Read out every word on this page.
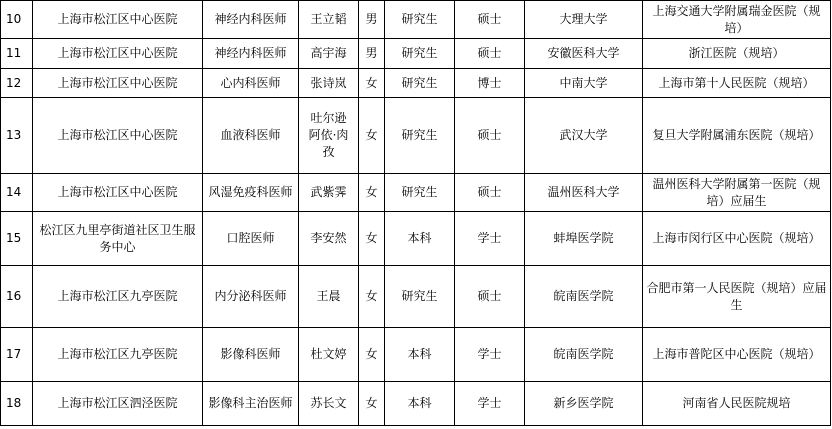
10	上海市松江区中心医院	神经内科医师	王立韬	男	研究生	硕士	大理大学	上海交通大学附属瑞金医院（规培）
11	上海市松江区中心医院	神经内科医师	高宇海	男	研究生	硕士	安徽医科大学	浙江医院（规培）
12	上海市松江区中心医院	心内科医师	张诗岚	女	研究生	博士	中南大学	上海市第十人民医院（规培）
13	上海市松江区中心医院	血液科医师	吐尔逊阿依·肉孜	女	研究生	硕士	武汉大学	复旦大学附属浦东医院（规培）
14	上海市松江区中心医院	风湿免疫科医师	武紫霁	女	研究生	硕士	温州医科大学	温州医科大学附属第一医院（规培）应届生
15	松江区九里亭街道社区卫生服务中心	口腔医师	李安然	女	本科	学士	蚌埠医学院	上海市闵行区中心医院（规培）
16	上海市松江区九亭医院	内分泌科医师	王晨	女	研究生	硕士	皖南医学院	合肥市第一人民医院（规培）应届生
17	上海市松江区九亭医院	影像科医师	杜文婷	女	本科	学士	皖南医学院	上海市普陀区中心医院（规培）
18	上海市松江区泗泾医院	影像科主治医师	苏长文	女	本科	学士	新乡医学院	河南省人民医院规培
